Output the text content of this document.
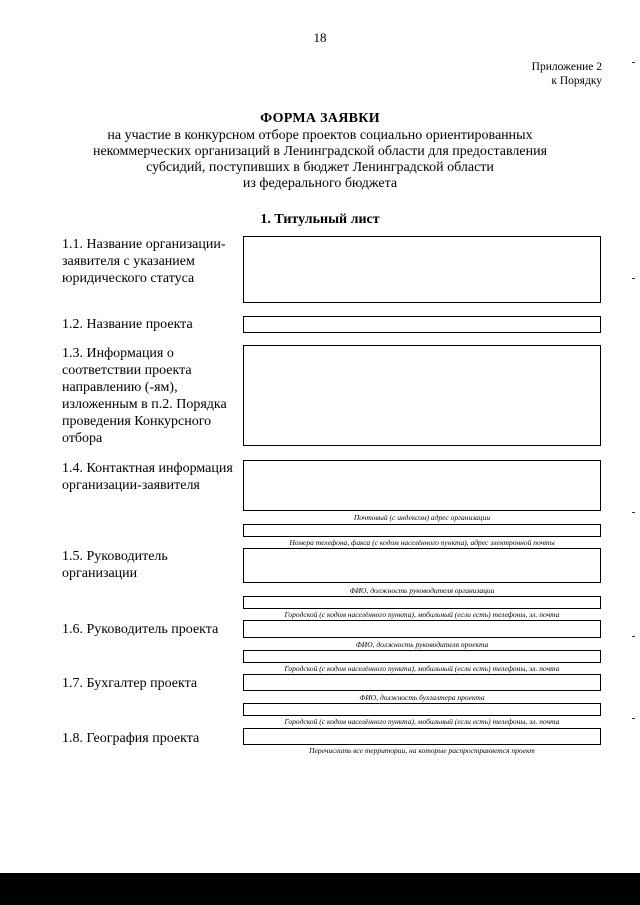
18
Приложение 2
к Порядку
ФОРМА ЗАЯВКИ
на участие в конкурсном отборе проектов социально ориентированных
некоммерческих организаций в Ленинградской области для предоставления
субсидий, поступивших в бюджет Ленинградской области
из федерального бюджета
1. Титульный лист
1.1. Название организации-заявителя с указанием юридического статуса
1.2. Название проекта
1.3. Информация о соответствии проекта направлению (-ям), изложенным в п.2. Порядка проведения Конкурсного отбора
1.4. Контактная информация организации-заявителя
Почтовый (с индексом) адрес организации
Номера телефона, факса (с кодом населённого пункта), адрес электронной почты
1.5. Руководитель организации
ФИО, должность руководителя организации
Городской (с кодом населённого пункта), мобильный (если есть) телефоны, эл. почта
1.6. Руководитель проекта
ФИО, должность руководителя проекта
Городской (с кодом населённого пункта), мобильный (если есть) телефоны, эл. почта
1.7. Бухгалтер проекта
ФИО, должность бухгалтера проекта
Городской (с кодом населённого пункта), мобильный (если есть) телефоны, эл. почта
1.8. География проекта
Перечислить все территории, на которые распространяется проект
